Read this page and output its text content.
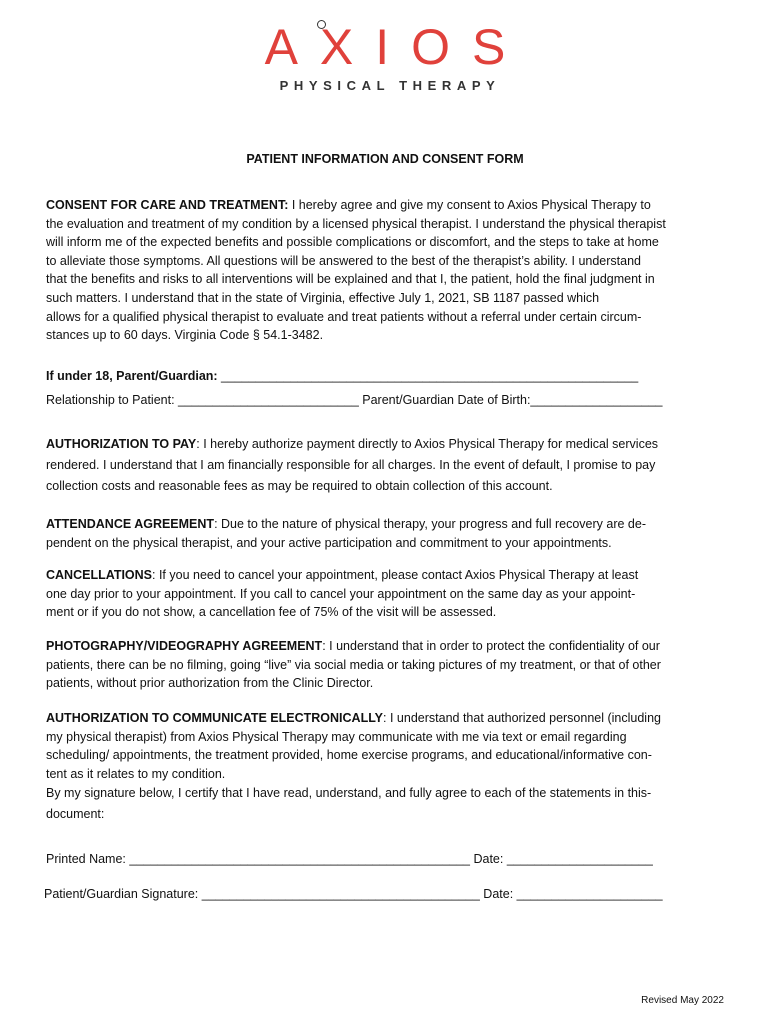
AXIOS
PHYSICAL THERAPY
PATIENT INFORMATION AND CONSENT FORM

CONSENT FOR CARE AND TREATMENT: I hereby agree and give my consent to Axios Physical Therapy to

the evaluation and treatment of my condition by a licensed physical therapist. I understand the physical therapist

will inform me of the expected benefits and possible complications or discomfort, and the steps to take at home

to alleviate those symptoms. All questions will be answered to the best of the therapist’s ability. I understand

that the benefits and risks to all interventions will be explained and that I, the patient, hold the final judgment in

such matters. I understand that in the state of Virginia, effective July 1, 2021, SB 1187 passed which

allows for a qualified physical therapist to evaluate and treat patients without a referral under certain circum-

stances up to 60 days. Virginia Code § 54.1-3482.

If under 18, Parent/Guardian: ____________________________________________________________
Relationship to Patient: __________________________ Parent/Guardian Date of Birth:___________________

AUTHORIZATION TO PAY: I hereby authorize payment directly to Axios Physical Therapy for medical services

rendered. I understand that I am financially responsible for all charges. In the event of default, I promise to pay

collection costs and reasonable fees as may be required to obtain collection of this account.

ATTENDANCE AGREEMENT: Due to the nature of physical therapy, your progress and full recovery are de-

pendent on the physical therapist, and your active participation and commitment to your appointments.

CANCELLATIONS: If you need to cancel your appointment, please contact Axios Physical Therapy at least

one day prior to your appointment. If you call to cancel your appointment on the same day as your appoint-

ment or if you do not show, a cancellation fee of 75% of the visit will be assessed.

PHOTOGRAPHY/VIDEOGRAPHY AGREEMENT: I understand that in order to protect the confidentiality of our

patients, there can be no filming, going “live” via social media or taking pictures of my treatment, or that of other

patients, without prior authorization from the Clinic Director.

AUTHORIZATION TO COMMUNICATE ELECTRONICALLY: I understand that authorized personnel (including

my physical therapist) from Axios Physical Therapy may communicate with me via text or email regarding

scheduling/ appointments, the treatment provided, home exercise programs, and educational/informative con-

tent as it relates to my condition.

By my signature below, I certify that I have read, understand, and fully agree to each of the statements in this-

document:

Printed Name: _________________________________________________ Date: _____________________
Patient/Guardian Signature: ________________________________________ Date: _____________________
Revised May 2022
